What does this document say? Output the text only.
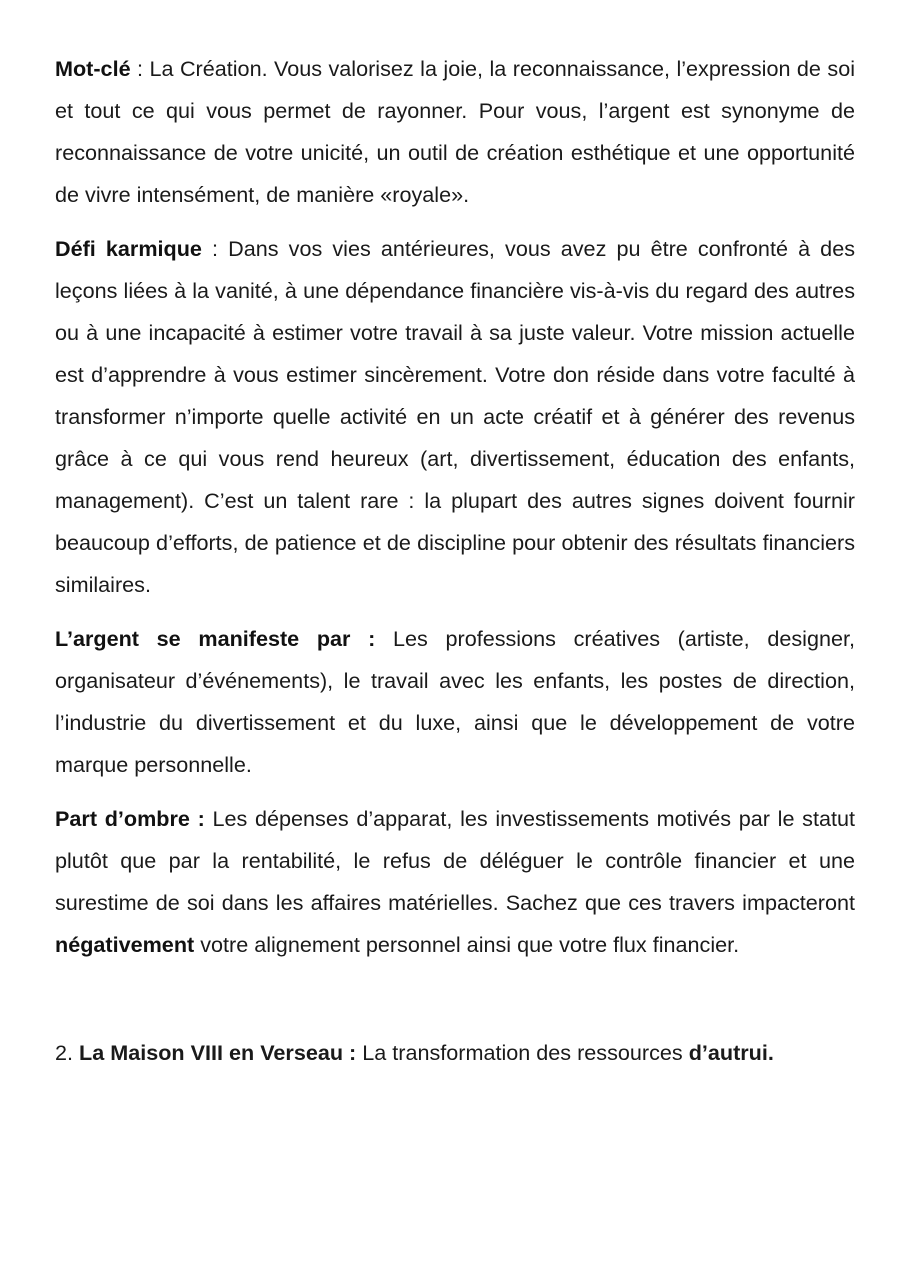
Mot-clé : La Création. Vous valorisez la joie, la reconnaissance, l’expression de soi et tout ce qui vous permet de rayonner. Pour vous, l’argent est synonyme de reconnaissance de votre unicité, un outil de création esthétique et une opportunité de vivre intensément, de manière «royale».

Défi karmique : Dans vos vies antérieures, vous avez pu être confronté à des leçons liées à la vanité, à une dépendance financière vis-à-vis du regard des autres ou à une incapacité à estimer votre travail à sa juste valeur. Votre mission actuelle est d’apprendre à vous estimer sincèrement. Votre don réside dans votre faculté à transformer n’importe quelle activité en un acte créatif et à générer des revenus grâce à ce qui vous rend heureux (art, divertissement, éducation des enfants, management). C’est un talent rare : la plupart des autres signes doivent fournir beaucoup d’efforts, de patience et de discipline pour obtenir des résultats financiers similaires.

L’argent se manifeste par : Les professions créatives (artiste, designer, organisateur d’événements), le travail avec les enfants, les postes de direction, l’industrie du divertissement et du luxe, ainsi que le développement de votre marque personnelle.

Part d’ombre : Les dépenses d’apparat, les investissements motivés par le statut plutôt que par la rentabilité, le refus de déléguer le contrôle financier et une surestime de soi dans les affaires matérielles. Sachez que ces travers impacteront négativement votre alignement personnel ainsi que votre flux financier.

2. La Maison VIII en Verseau : La transformation des ressources d’autrui.
